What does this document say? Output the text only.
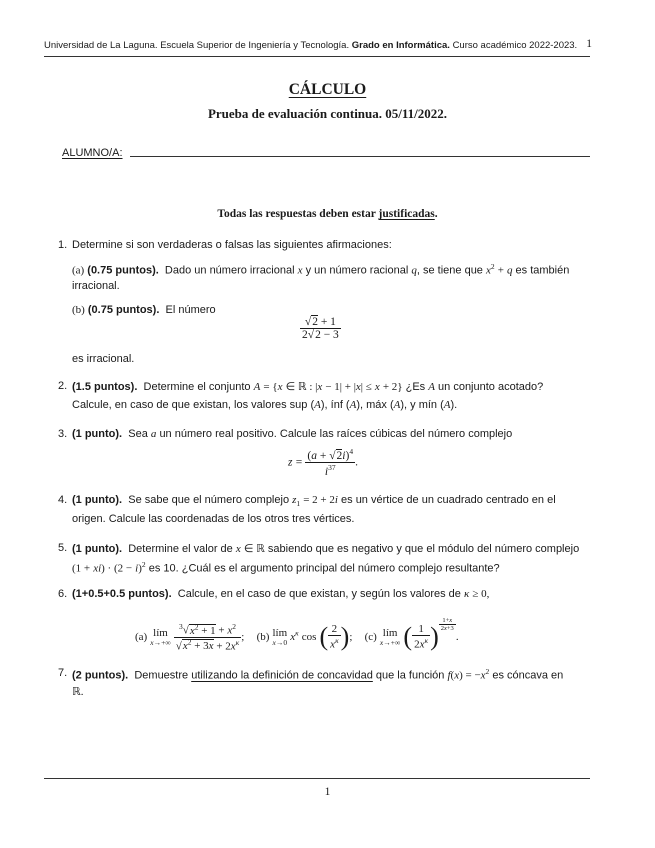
Universidad de La Laguna. Escuela Superior de Ingeniería y Tecnología. Grado en Informática. Curso académico 2022-2023. 1
CÁLCULO
Prueba de evaluación continua. 05/11/2022.
ALUMNO/A:
Todas las respuestas deben estar justificadas.
1. Determine si son verdaderas o falsas las siguientes afirmaciones:
(a) (0.75 puntos). Dado un número irracional x y un número racional q, se tiene que $x^2 + q$ es también
irracional.
(b) (0.75 puntos). El número
$\frac{√2 + 1}{2√2 - 3}$
es irracional.
2. (1.5 puntos). Determine el conjunto A = {x ∈ ℝ : |x − 1| + |x| ≤ x + 2} ¿Es A un conjunto acotado?
Calcule, en caso de que existan, los valores sup (A), ínf (A), máx (A), y mín (A).
3. (1 punto). Sea a un número real positivo. Calcule las raíces cúbicas del número complejo
$z = \frac{(a + √2i)^4}{i^{37}}$ .
4. (1 punto). Se sabe que el número complejo $z_1 = 2 + 2i$ es un vértice de un cuadrado centrado en el
origen. Calcule las coordenadas de los otros tres vértices.
5. (1 punto). Determine el valor de x ∈ ℝ sabiendo que es negativo y que el módulo del número complejo
$(1 + xi) \cdot (2 - i)^2$ es 10. ¿Cuál es el argumento principal del número complejo resultante?
6. (1+0.5+0.5 puntos). Calcule, en el caso de que existan, y según los valores de κ ≥ 0,
(a) lím
x→+∞
$\frac{^3√x^2 + 1 + x^2}{√x^2 + 3x + 2x^\kappa}$ ; (b) lím
x→0 $x^\kappa$ cos ( $\frac{2}{x^\kappa}$ ); (c) lím
x→+∞ ( $\frac{1}{2x^\kappa}$ ) $^{\frac{1+x}{2x+3}}$
.
7. (2 puntos). Demuestre utilizando la definición de concavidad que la función $f(x) = -x^2$ es cóncava en
ℝ.
1
